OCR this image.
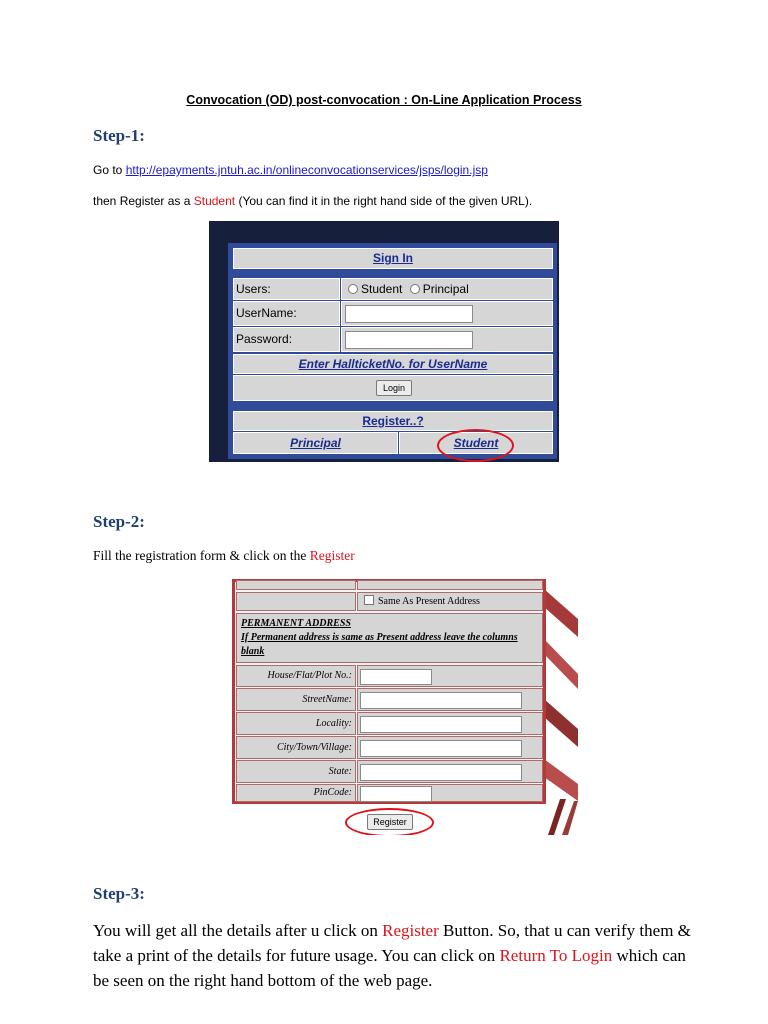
Convocation (OD) post-convocation : On-Line Application Process
Step-1:
Go to http://epayments.jntuh.ac.in/onlineconvocationservices/jsps/login.jsp
then Register as a Student (You can find it in the right hand side of the given URL).
Sign In
Users:	Student Principal
UserName:
Password:
Enter HallticketNo. for UserName
Login
Register..?
Principal	Student
Step-2:
Fill the registration form & click on the Register
Same As Present Address
PERMANENT ADDRESS
If Permanent address is same as Present address leave the columns blank
House/Flat/Plot No.:
StreetName:
Locality:
City/Town/Village:
State:
PinCode:
Register
Step-3:
You will get all the details after u click on Register Button. So, that u can verify them & take a print of the details for future usage. You can click on Return To Login which can be seen on the right hand bottom of the web page.
